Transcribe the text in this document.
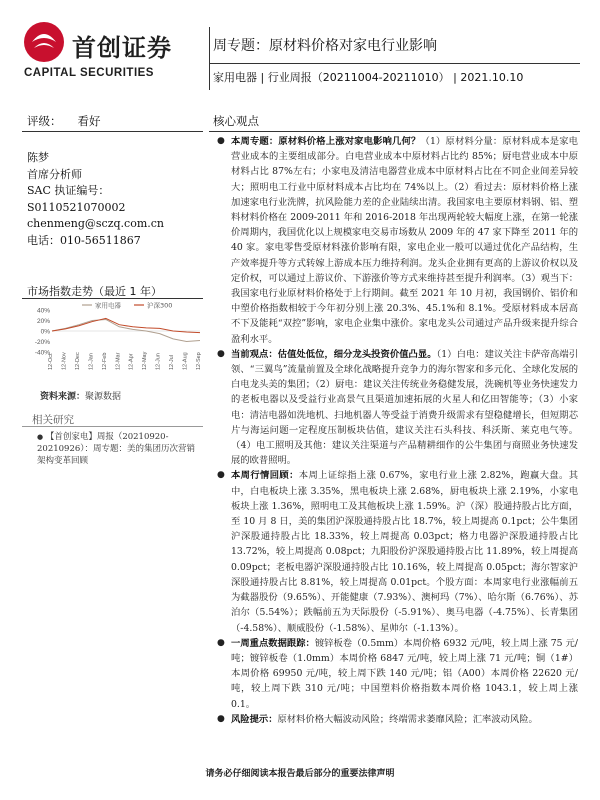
首创证券
CAPITAL SECURITIES
周专题：原材料价格对家电行业影响
家用电器 | 行业周报（20211004-20211010） | 2021.10.10
评级： 看好
陈梦
首席分析师
SAC 执证编号：
S0110521070002
chenmeng@sczq.com.cn
电话：010-56511867
市场指数走势（最近 1 年）
40%
20%
0%
-20%
-40%
家用电器	沪深300
12-Oct 12-Nov 12-Dec 12-Jan 12-Feb 12-Mar 12-Apr 12-May 12-Jun 12-Jul 12-Aug 12-Sep
资料来源：聚源数据
相关研究
● 【首创家电】周报（20210920-20210926）：周专题：美的集团历次营销架构变革回顾
核心观点
● 本周专题：原材料价格上涨对家电影响几何？（1）原材料分量：原材料成本是家电营业成本的主要组成部分。白电营业成本中原材料占比约 85%；厨电营业成本中原材料占比 87%左右；小家电及清洁电器营业成本中原材料占比在不同企业间差异较大；照明电工行业中原材料成本占比均在 74%以上。（2）看过去：原材料价格上涨加速家电行业洗牌，抗风险能力差的企业陆续出清。我国家电主要原材料钢、铝、塑料材料价格在 2009-2011 年和 2016-2018 年出现两轮较大幅度上涨，在第一轮涨价周期内，我国优化以上规模家电交易市场数从 2009 年的 47 家下降至 2011 年的 40 家。家电零售受原材料涨价影响有限，家电企业一般可以通过优化产品结构，生产效率提升等方式转嫁上游成本压力维持利润。龙头企业拥有更高的上游议价权以及定价权，可以通过上游议价、下游涨价等方式来维持甚至提升利润率。（3）观当下：我国家电行业原材料价格处于上行期间。截至 2021 年 10 月初，我国钢价、铝价和中塑价格指数相较于今年初分别上涨 20.3%、45.1%和 8.1%。受原材料成本居高不下及能耗“双控”影响，家电企业集中涨价。家电龙头公司通过产品升级来提升综合盈利水平。
● 当前观点：估值处低位，细分龙头投资价值凸显。（1）白电：建议关注卡萨帝高端引领、“三翼鸟”流量前置及全球化战略提升竞争力的海尔智家和多元化、全球化发展的白电龙头美的集团；（2）厨电：建议关注传统业务稳健发展，洗碗机等业务快速发力的老板电器以及受益行业高景气且渠道加速拓展的火星人和亿田智能等；（3）小家电：清洁电器如洗地机、扫地机器人等受益于消费升级需求有望稳健增长，但短期芯片与海运问题一定程度压制板块估值，建议关注石头科技、科沃斯、莱克电气等。（4）电工照明及其他：建议关注渠道与产品精耕细作的公牛集团与商照业务快速发展的欧普照明。
● 本周行情回顾：本周上证综指上涨 0.67%，家电行业上涨 2.82%，跑赢大盘。其中，白电板块上涨 3.35%，黑电板块上涨 2.68%，厨电板块上涨 2.19%，小家电板块上涨 1.36%，照明电工及其他板块上涨 1.59%。沪（深）股通持股占比方面，至 10 月 8 日，美的集团沪深股通持股占比 18.7%，较上周提高 0.1pct；公牛集团沪深股通持股占比 18.33%，较上周提高 0.03pct；格力电器沪深股通持股占比 13.72%，较上周提高 0.08pct；九阳股份沪深股通持股占比 11.89%，较上周提高 0.09pct；老板电器沪深股通持股占比 10.16%，较上周提高 0.05pct；海尔智家沪深股通持股占比 8.81%，较上周提高 0.01pct。个股方面：本周家电行业涨幅前五为截器股份（9.65%）、开能健康（7.93%）、澳柯玛（7%）、哈尔斯（6.76%）、苏泊尔（5.54%）；跌幅前五为天际股份（-5.91%）、奥马电器（-4.75%）、长青集团（-4.58%）、顺威股份（-1.58%）、星帅尔（-1.13%）。
● 一周重点数据跟踪：镀锌板卷（0.5mm）本周价格 6932 元/吨，较上周上涨 75 元/吨；镀锌板卷（1.0mm）本周价格 6847 元/吨，较上周上涨 71 元/吨；铜（1#）本周价格 69950 元/吨，较上周下跌 140 元/吨；铝（A00）本周价格 22620 元/吨，较上周下跌 310 元/吨；中国塑料价格指数本周价格 1043.1，较上周上涨 0.1。
● 风险提示：原材料价格大幅波动风险；终端需求萎靡风险；汇率波动风险。
请务必仔细阅读本报告最后部分的重要法律声明
